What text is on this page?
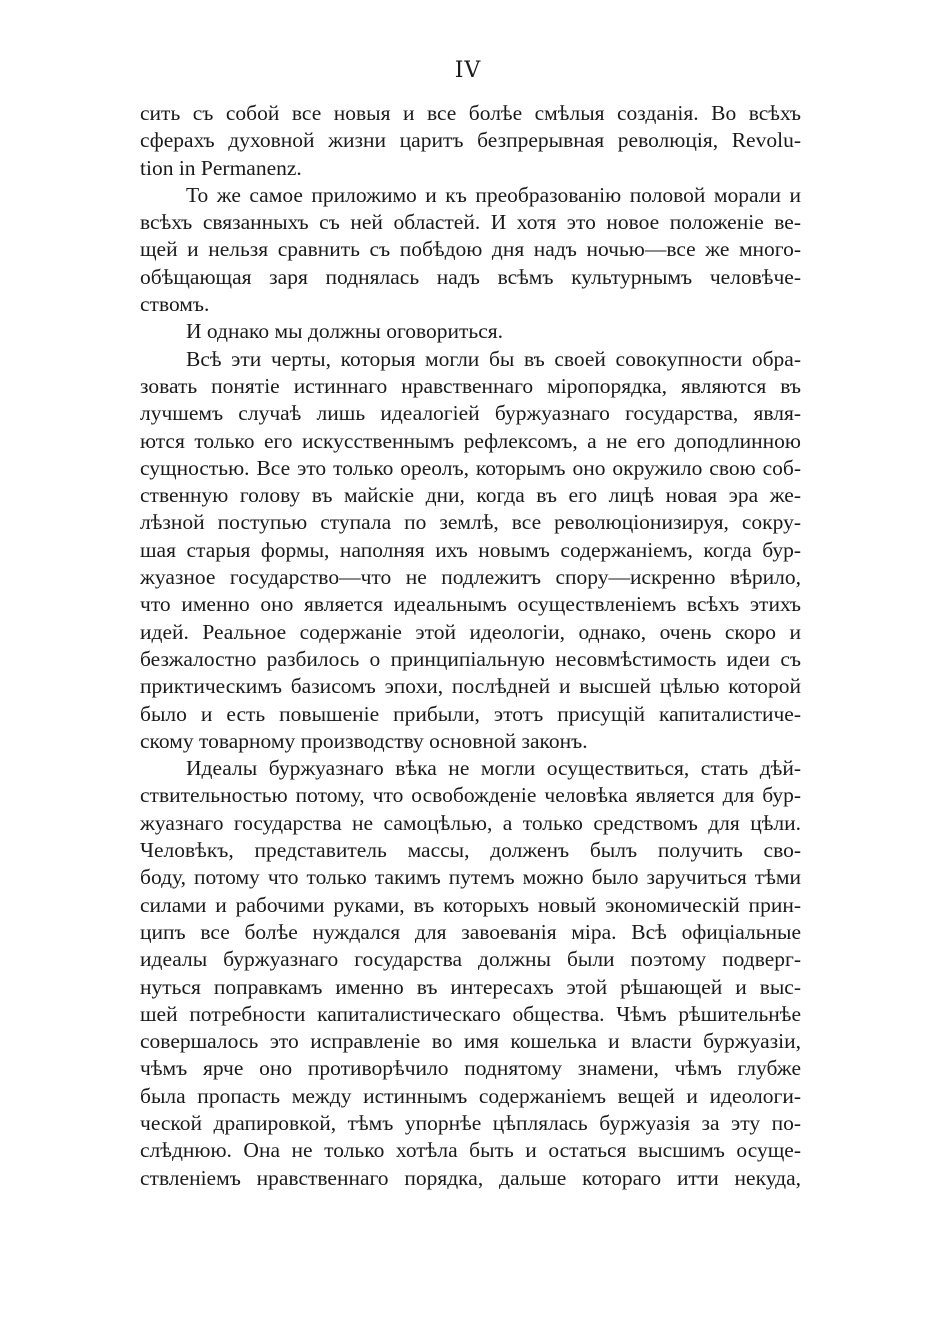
IV
сить съ собой все новыя и все болѣе смѣлыя созданія. Во всѣхъ
сферахъ духовной жизни царитъ безпрерывная революція, Revolu-
tion in Permanenz.
То же самое приложимо и къ преобразованію половой морали и
всѣхъ связанныхъ съ ней областей. И хотя это новое положеніе ве-
щей и нельзя сравнить съ побѣдою дня надъ ночью—все же много-
обѣщающая заря поднялась надъ всѣмъ культурнымъ человѣче-
ствомъ.
И однако мы должны оговориться.
Всѣ эти черты, которыя могли бы въ своей совокупности обра-
зовать понятіе истиннаго нравственнаго міропорядка, являются въ
лучшемъ случаѣ лишь идеалогіей буржуазнаго государства, явля-
ются только его искусственнымъ рефлексомъ, а не его доподлинною
сущностью. Все это только ореолъ, которымъ оно окружило свою соб-
ственную голову въ майскіе дни, когда въ его лицѣ новая эра же-
лѣзной поступью ступала по землѣ, все революціонизируя, сокру-
шая старыя формы, наполняя ихъ новымъ содержаніемъ, когда бур-
жуазное государство—что не подлежитъ спору—искренно вѣрило,
что именно оно является идеальнымъ осуществленіемъ всѣхъ этихъ
идей. Реальное содержаніе этой идеологіи, однако, очень скоро и
безжалостно разбилось о принципіальную несовмѣстимость идеи съ
приктическимъ базисомъ эпохи, послѣдней и высшей цѣлью которой
было и есть повышеніе прибыли, этотъ присущій капиталистиче-
скому товарному производству основной законъ.
Идеалы буржуазнаго вѣка не могли осуществиться, стать дѣй-
ствительностью потому, что освобожденіе человѣка является для бур-
жуазнаго государства не самоцѣлью, а только средствомъ для цѣли.
Человѣкъ, представитель массы, долженъ былъ получить сво-
боду, потому что только такимъ путемъ можно было заручиться тѣми
силами и рабочими руками, въ которыхъ новый экономическій прин-
ципъ все болѣе нуждался для завоеванія міра. Всѣ офиціальные
идеалы буржуазнаго государства должны были поэтому подверг-
нуться поправкамъ именно въ интересахъ этой рѣшающей и выс-
шей потребности капиталистическаго общества. Чѣмъ рѣшительнѣе
совершалось это исправленіе во имя кошелька и власти буржуазіи,
чѣмъ ярче оно противорѣчило поднятому знамени, чѣмъ глубже
была пропасть между истиннымъ содержаніемъ вещей и идеологи-
ческой драпировкой, тѣмъ упорнѣе цѣплялась буржуазія за эту по-
слѣднюю. Она не только хотѣла быть и остаться высшимъ осуще-
ствленіемъ нравственнаго порядка, дальше котораго итти некуда,
